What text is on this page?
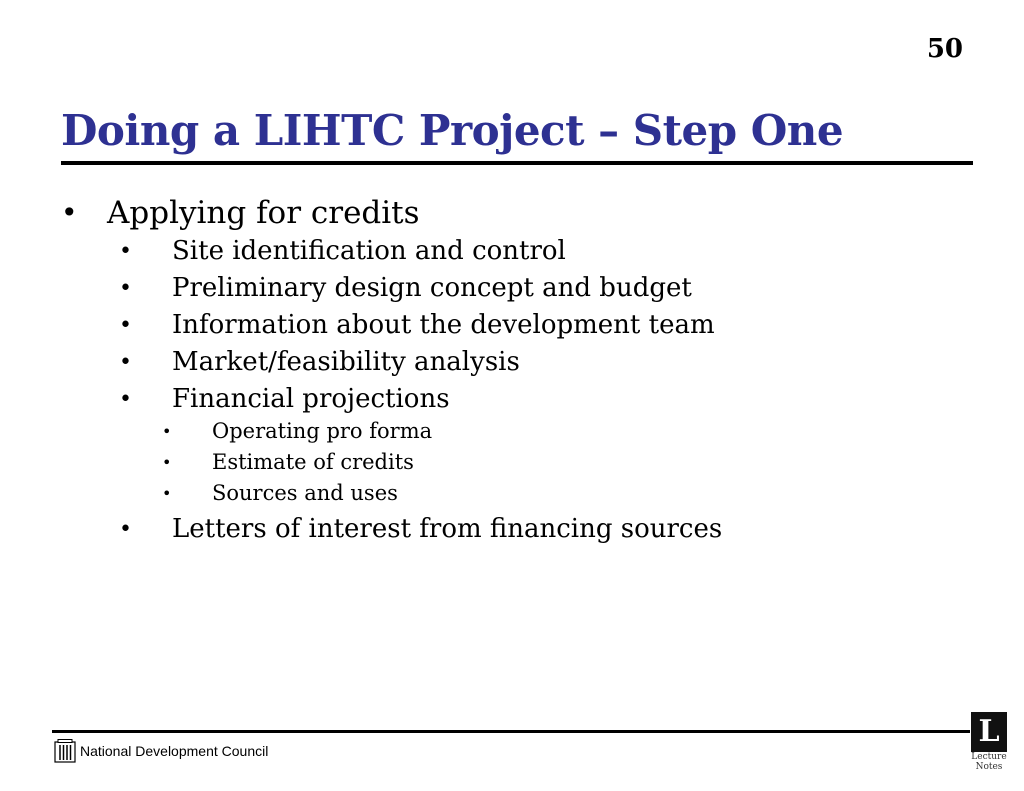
50
Doing a LIHTC Project – Step One
• Applying for credits
• Site identification and control
• Preliminary design concept and budget
• Information about the development team
• Market/feasibility analysis
• Financial projections
• Operating pro forma
• Estimate of credits
• Sources and uses
• Letters of interest from financing sources
National Development Council
L
Lecture
Notes
